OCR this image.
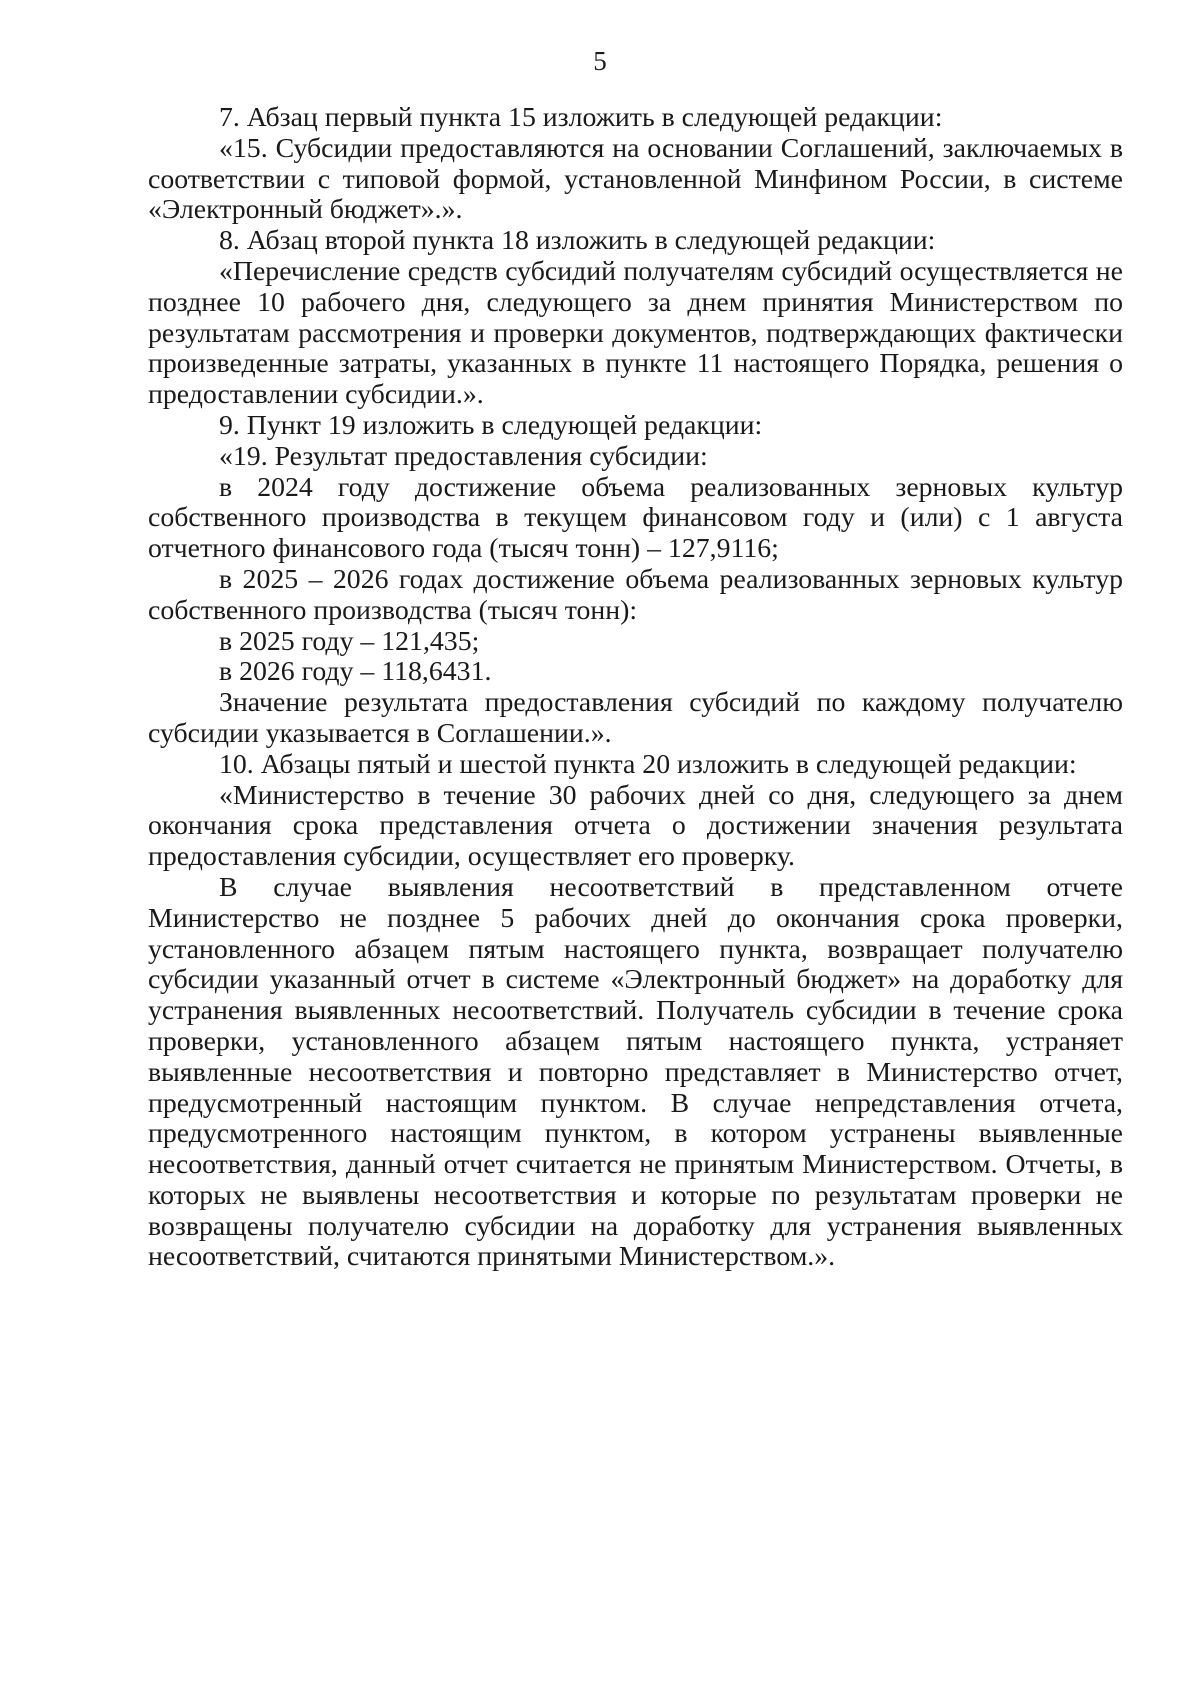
5

7. Абзац первый пункта 15 изложить в следующей редакции:

«15. Субсидии предоставляются на основании Соглашений, заключаемых в соответствии с типовой формой, установленной Минфином России, в системе «Электронный бюджет».».

8. Абзац второй пункта 18 изложить в следующей редакции:

«Перечисление средств субсидий получателям субсидий осуществляется не позднее 10 рабочего дня, следующего за днем принятия Министерством по результатам рассмотрения и проверки документов, подтверждающих фактически произведенные затраты, указанных в пункте 11 настоящего Порядка, решения о предоставлении субсидии.».

9. Пункт 19 изложить в следующей редакции:

«19. Результат предоставления субсидии:

в 2024 году достижение объема реализованных зерновых культур собственного производства в текущем финансовом году и (или) с 1 августа отчетного финансового года (тысяч тонн) – 127,9116;

в 2025 – 2026 годах достижение объема реализованных зерновых культур собственного производства (тысяч тонн):

в 2025 году – 121,435;

в 2026 году – 118,6431.

Значение результата предоставления субсидий по каждому получателю субсидии указывается в Соглашении.».

10. Абзацы пятый и шестой пункта 20 изложить в следующей редакции:

«Министерство в течение 30 рабочих дней со дня, следующего за днем окончания срока представления отчета о достижении значения результата предоставления субсидии, осуществляет его проверку.

В случае выявления несоответствий в представленном отчете Министерство не позднее 5 рабочих дней до окончания срока проверки, установленного абзацем пятым настоящего пункта, возвращает получателю субсидии указанный отчет в системе «Электронный бюджет» на доработку для устранения выявленных несоответствий. Получатель субсидии в течение срока проверки, установленного абзацем пятым настоящего пункта, устраняет выявленные несоответствия и повторно представляет в Министерство отчет, предусмотренный настоящим пунктом. В случае непредставления отчета, предусмотренного настоящим пунктом, в котором устранены выявленные несоответствия, данный отчет считается не принятым Министерством. Отчеты, в которых не выявлены несоответствия и которые по результатам проверки не возвращены получателю субсидии на доработку для устранения выявленных несоответствий, считаются принятыми Министерством.».
